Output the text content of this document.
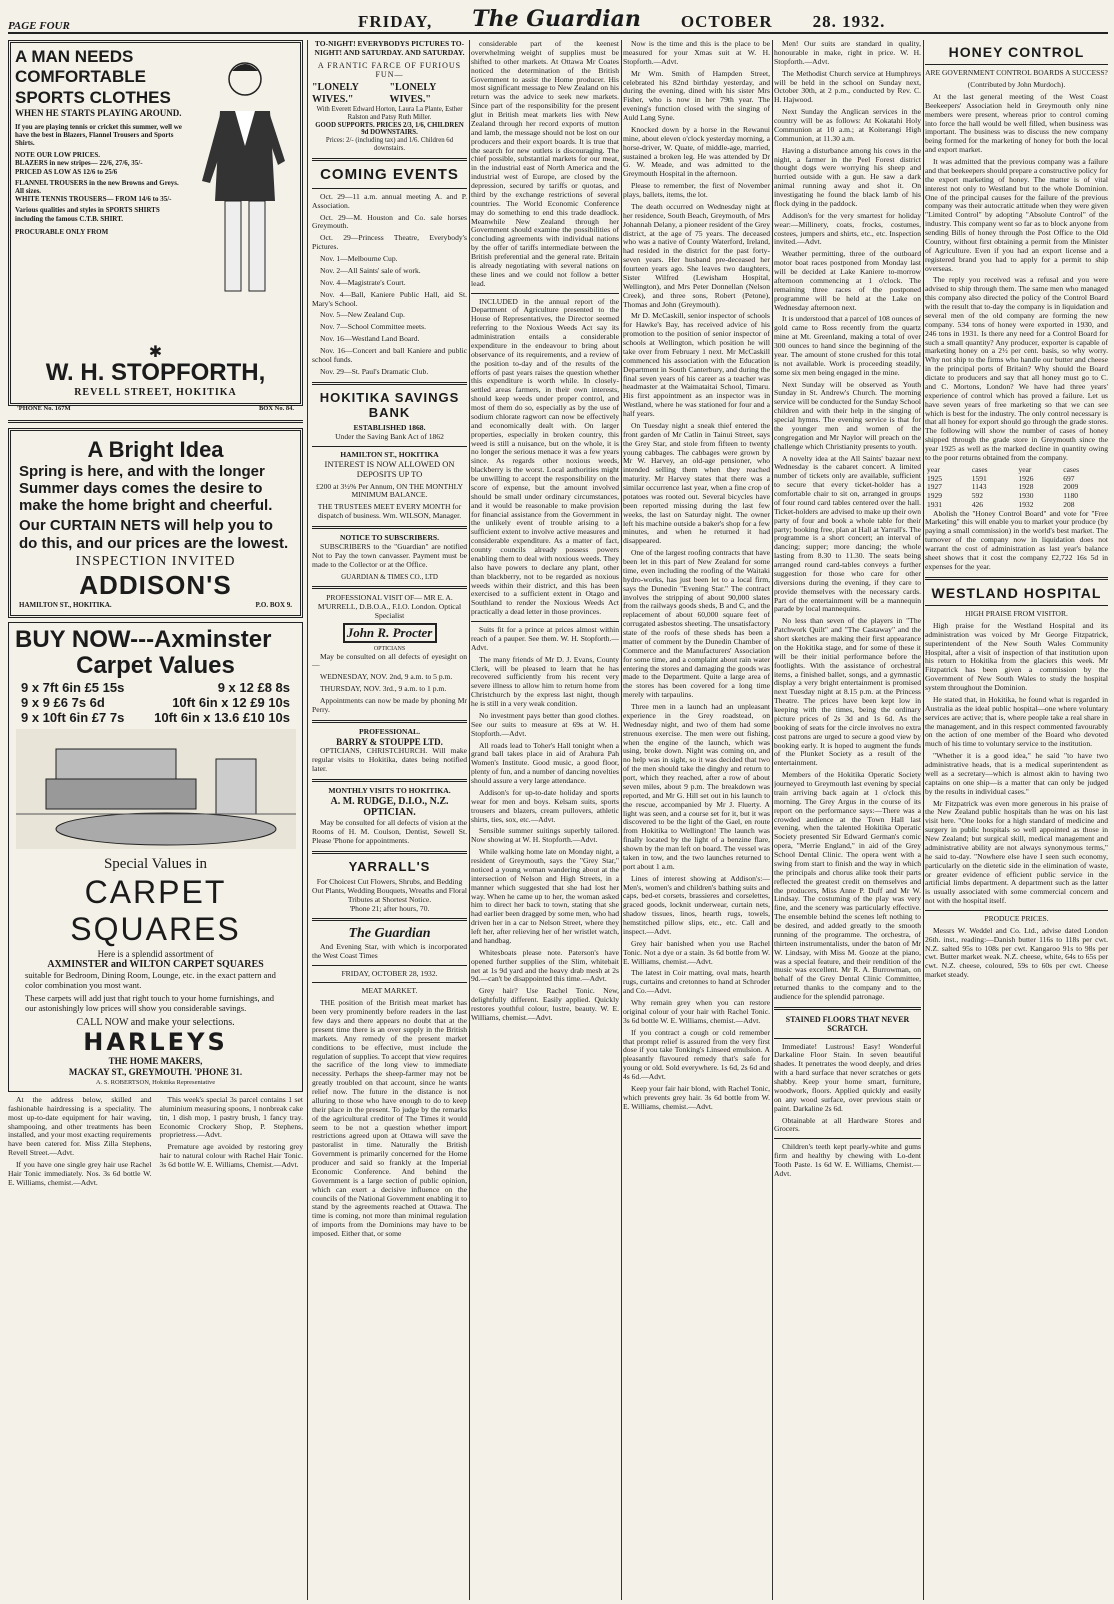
PAGE FOUR	FRIDAY, The Guardian OCTOBER 28. 1932.
A MAN NEEDS COMFORTABLE SPORTS CLOTHES
WHEN HE STARTS PLAYING AROUND.
If you are playing tennis or cricket this summer, well we have the best in Blazers, Flannel Trousers and Sports Shirts.
NOTE OUR LOW PRICES.
BLAZERS in new stripes— 22/6, 27/6, 35/-
PRICED AS LOW AS 12/6 to 25/6
FLANNEL TROUSERS in the new Browns and Greys. All sizes.
WHITE TENNIS TROUSERS— FROM 14/6 to 35/-
Various qualities and styles in SPORTS SHIRTS including the famous C.T.B. SHIRT.
PROCURABLE ONLY FROM
✱
W. H. STOPFORTH,
REVELL STREET, HOKITIKA
'PHONE No. 167M	BOX No. 84.
A Bright Idea
Spring is here, and with the longer Summer days comes the desire to make the home bright and cheerful.
Our CURTAIN NETS will help you to do this, and our prices are the lowest.
INSPECTION INVITED
ADDISON'S
HAMILTON ST., HOKITIKA.	P.O. BOX 9.
BUY NOW---Axminster
Carpet Values
9 x 7ft 6in £5 15s	9 x 12 £8 8s
9 x 9 £6 7s 6d	10ft 6in x 12 £9 10s
9 x 10ft 6in £7 7s 10ft 6in x 13.6 £10 10s
Special Values in
CARPET SQUARES
Here is a splendid assortment of
AXMINSTER and WILTON CARPET SQUARES
suitable for Bedroom, Dining Room, Lounge, etc. in the exact pattern and color combination you most want.
These carpets will add just that right touch to your home furnishings, and our astonishingly low prices will show you considerable savings.
CALL NOW and make your selections.
HARLEYS
THE HOME MAKERS,
MACKAY ST., GREYMOUTH. 'PHONE 31.
A. S. ROBERTSON, Hokitika Representative

At the address below, skilled and fashionable hairdressing is a speciality. The most up-to-date equipment for hair waving, shampooing, and other treatments has been installed, and your most exacting requirements have been catered for. Miss Zilla Stephens, Revell Street.—Advt.

If you have one single grey hair use Rachel Hair Tonic immediately. Nos. 3s 6d bottle W. E. Williams, chemist.—Advt.

This week's special 3s parcel contains 1 set aluminium measuring spoons, 1 nonbreak cake tin, 1 dish mop, 1 pastry brush, 1 fancy tray. Economic Crockery Shop, P. Stephens, proprietress.—Advt.

Premature age avoided by restoring grey hair to natural colour with Rachel Hair Tonic. 3s 6d bottle W. E. Williams, Chemist.—Advt.

TO-NIGHT! EVERYBODYS PICTURES TO-NIGHT! AND SATURDAY. AND SATURDAY.
A FRANTIC FARCE OF FURIOUS FUN—
"LONELY WIVES."
"LONELY WIVES."
With Everett Edward Horton, Laura La Plante, Esther Ralston and Patsy Ruth Miller.
GOOD SUPPORTS. PRICES 2/3, 1/6, CHILDREN 9d DOWNSTAIRS.
Prices: 2/- (including tax) and 1/6. Children 6d downstairs.
COMING EVENTS

Oct. 29—11 a.m. annual meeting A. and P. Association.

Oct. 29—M. Houston and Co. sale horses Greymouth.

Oct. 29—Princess Theatre, Everybody's Pictures.

Nov. 1—Melbourne Cup.

Nov. 2—All Saints' sale of work.

Nov. 4—Magistrate's Court.

Nov. 4—Ball, Kaniere Public Hall, aid St. Mary's School.

Nov. 5—New Zealand Cup.

Nov. 7—School Committee meets.

Nov. 16—Westland Land Board.

Nov. 16—Concert and ball Kaniere and public school funds.

Nov. 29—St. Paul's Dramatic Club.

HOKITIKA SAVINGS BANK
ESTABLISHED 1868.
Under the Saving Bank Act of 1862
HAMILTON ST., HOKITIKA
INTEREST IS NOW ALLOWED ON DEPOSITS UP TO
£200 at 3½% Per Annum, ON THE MONTHLY MINIMUM BALANCE.
THE TRUSTEES MEET EVERY MONTH for dispatch of business. Wm. WILSON, Manager.
NOTICE TO SUBSCRIBERS.

SUBSCRIBERS to the "Guardian" are notified Not to Pay the town canvasser. Payment must be made to the Collector or at the Office.

GUARDIAN & TIMES CO., LTD
PROFESSIONAL VISIT OF— MR E. A. M'URRELL, D.B.O.A., F.I.O. London. Optical Specialist
John R. Procter
OPTICIANS

May be consulted on all defects of eyesight on—

WEDNESDAY, NOV. 2nd, 9 a.m. to 5 p.m.

THURSDAY, NOV. 3rd., 9 a.m. to 1 p.m.

Appointments can now be made by phoning Mr Perry.

PROFESSIONAL.
BARRY & STOUPPE LTD.

OPTICIANS, CHRISTCHURCH. Will make regular visits to Hokitika, dates being notified later.

MONTHLY VISITS TO HOKITIKA.
A. M. RUDGE, D.I.O., N.Z. OPTICIAN.

May be consulted for all defects of vision at the Rooms of H. M. Coulson, Dentist, Sewell St. Please 'Phone for appointments.

YARRALL'S
For Choicest Cut Flowers, Shrubs, and Bedding Out Plants, Wedding Bouquets, Wreaths and Floral Tributes at Shortest Notice.
'Phone 21; after hours, 70.
The Guardian

And Evening Star, with which is incorporated the West Coast Times

FRIDAY, OCTOBER 28, 1932.
MEAT MARKET.

THE position of the British meat market has been very prominently before readers in the last few days and there appears no doubt that at the present time there is an over supply in the British markets. Any remedy of the present market conditions to be effective, must include the regulation of supplies. To accept that view requires the sacrifice of the long view to immediate necessity. Perhaps the sheep-farmer may not be greatly troubled on that account, since he wants relief now. The future in the distance is not alluring to those who have enough to do to keep their place in the present. To judge by the remarks of the agricultural creditor of The Times it would seem to be not a question whether import restrictions agreed upon at Ottawa will save the pastoralist in time. Naturally the British Government is primarily concerned for the Home producer and said so frankly at the Imperial Economic Conference. And behind the Government is a large section of public opinion, which can exert a decisive influence on the councils of the National Government enabling it to stand by the agreements reached at Ottawa. The time is coming, not more than minimal regulation of imports from the Dominions may have to be imposed. Either that, or some

considerable part of the keenest overwhelming weight of supplies must be shifted to other markets. At Ottawa Mr Coates noticed the determination of the British Government to assist the Home producer. His most significant message to New Zealand on his return was the advice to seek new markets. Since part of the responsibility for the present glut in British meat markets lies with New Zealand through her record exports of mutton and lamb, the message should not be lost on our producers and their export boards. It is true that the search for new outlets is discouraging. The chief possible, substantial markets for our meat, in the industrial east of North America and the industrial west of Europe, are closed by the depression, secured by tariffs or quotas, and third by the exchange restrictions of several countries. The World Economic Conference may do something to end this trade deadlock. Meanwhile New Zealand through her Government should examine the possibilities of concluding agreements with individual nations by the offer of tariffs intermediate between the British preferential and the general rate. Britain is already negotiating with several nations on these lines and we could not follow a better lead.

INCLUDED in the annual report of the Department of Agriculture presented to the House of Representatives, the Director seemed referring to the Noxious Weeds Act say its administration entails a considerable expenditure in the endeavour to bring about observance of its requirements, and a review of the position to-day and of the results of the efforts of past years raises the question whether this expenditure is worth while. In closely-settled areas farmers, in their own interests, should keep weeds under proper control, and most of them do so, especially as by the use of sodium chlorate ragwort can now be effectively and economically dealt with. On larger properties, especially in broken country, this weed is still a nuisance, but on the whole, it is no longer the serious menace it was a few years since. As regards other noxious weeds, blackberry is the worst. Local authorities might be unwilling to accept the responsibility on the score of expense, but the amount involved should be small under ordinary circumstances, and it would be reasonable to make provision for financial assistance from the Government in the unlikely event of trouble arising to a sufficient extent to involve active measures and considerable expenditure. As a matter of fact, county councils already possess powers enabling them to deal with noxious weeds. They also have powers to declare any plant, other than blackberry, not to be regarded as noxious weeds within their district, and this has been exercised to a sufficient extent in Otago and Southland to render the Noxious Weeds Act practically a dead letter in those provinces.

Suits fit for a prince at prices almost within reach of a pauper. See them. W. H. Stopforth.—Advt.

The many friends of Mr D. J. Evans, County Clerk, will be pleased to learn that he has recovered sufficiently from his recent very severe illness to allow him to return home from Christchurch by the express last night, though he is still in a very weak condition.

No investment pays better than good clothes. See our suits to measure at 69s at W. H. Stopforth.—Advt.

All roads lead to Toher's Hall tonight when a grand ball takes place in aid of Arahura Pah Women's Institute. Good music, a good floor, plenty of fun, and a number of dancing novelties should assure a very large attendance.

Addison's for up-to-date holiday and sports wear for men and boys. Kelsam suits, sports trousers and blazers, cream pullovers, athletic shirts, ties, sox, etc.—Advt.

Sensible summer suitings superbly tailored. Now showing at W. H. Stopforth.—Advt.

While walking home late on Monday night, a resident of Greymouth, says the "Grey Star," noticed a young woman wandering about at the intersection of Nelson and High Streets, in a manner which suggested that she had lost her way. When he came up to her, the woman asked him to direct her back to town, stating that she had earlier been dragged by some men, who had driven her in a car to Nelson Street, where they left her, after relieving her of her wristlet watch, and handbag.

Whitesboats please note. Paterson's have opened further supplies of the Slim, whitebait net at 1s 9d yard and the heavy drab mesh at 2s 9d.—can't be disappointed this time.—Advt.

Grey hair? Use Rachel Tonic. New, delightfully different. Easily applied. Quickly restores youthful colour, lustre, beauty. W. E. Williams, chemist.—Advt.

Now is the time and this is the place to be measured for your Xmas suit at W. H. Stopforth.—Advt.

Mr Wm. Smith of Hampden Street, celebrated his 82nd birthday yesterday, and during the evening, dined with his sister Mrs Fisher, who is now in her 79th year. The evening's function closed with the singing of Auld Lang Syne.

Knocked down by a horse in the Rewanui mine, about eleven o'clock yesterday morning, a horse-driver, W. Quate, of middle-age, married, sustained a broken leg. He was attended by Dr G. W. Meade, and was admitted to the Greymouth Hospital in the afternoon.

Please to remember, the first of November plays, ballets, items, the lot.

The death occurred on Wednesday night at her residence, South Beach, Greymouth, of Mrs Johannah Delany, a pioneer resident of the Grey district, at the age of 75 years. The deceased who was a native of County Waterford, Ireland, had resided in the district for the past forty-seven years. Her husband pre-deceased her fourteen years ago. She leaves two daughters, Sister Wilfred (Lewisham Hospital, Wellington), and Mrs Peter Donnellan (Nelson Creek), and three sons, Robert (Petone), Thomas and John (Greymouth).

Mr D. McCaskill, senior inspector of schools for Hawke's Bay, has received advice of his promotion to the position of senior inspector of schools at Wellington, which position he will take over from February 1 next. Mr McCaskill commenced his association with the Education Department in South Canterbury, and during the final seven years of his career as a teacher was headmaster at the Waimataitai School, Timaru. His first appointment as an inspector was in Westland, where he was stationed for four and a half years.

On Tuesday night a sneak thief entered the front garden of Mr Catlin in Tainui Street, says the Grey Star, and stole from fifteen to twenty young cabbages. The cabbages were grown by Mr W. Harvey, an old-age pensioner, who intended selling them when they reached maturity. Mr Harvey states that there was a similar occurrence last year, when a fine crop of potatoes was rooted out. Several bicycles have been reported missing during the last few weeks, the last on Saturday night. The owner left his machine outside a baker's shop for a few minutes, and when he returned it had disappeared.

One of the largest roofing contracts that have been let in this part of New Zealand for some time, even including the roofing of the Waitaki hydro-works, has just been let to a local firm, says the Dunedin "Evening Star." The contract involves the stripping of about 90,000 slates from the railways goods sheds, B and C, and the replacement of about 60,000 square feet of corrugated asbestos sheeting. The unsatisfactory state of the roofs of these sheds has been a matter of comment by the Dunedin Chamber of Commerce and the Manufacturers' Association for some time, and a complaint about rain water entering the stores and damaging the goods was made to the Department. Quite a large area of the stores has been covered for a long time merely with tarpaulins.

Three men in a launch had an unpleasant experience in the Grey roadstead, on Wednesday night, and two of them had some strenuous exercise. The men were out fishing, when the engine of the launch, which was using, broke down. Night was coming on, and no help was in sight, so it was decided that two of the men should take the dinghy and return to port, which they reached, after a row of about seven miles, about 9 p.m. The breakdown was reported, and Mr G. Hill set out in his launch to the rescue, accompanied by Mr J. Fluerty. A light was seen, and a course set for it, but it was discovered to be the light of the Gael, en route from Hokitika to Wellington! The launch was finally located by the light of a benzine flare, shown by the man left on board. The vessel was taken in tow, and the two launches returned to port about 1 a.m.

Lines of interest showing at Addison's:—Men's, women's and children's bathing suits and caps, bed-et corsets, brassieres and corselettes, graced goods, locknit underwear, curtain nets, shadow tissues, linos, hearth rugs, towels, hemstitched pillow slips, etc., etc. Call and inspect.—Advt.

Grey hair banished when you use Rachel Tonic. Not a dye or a stain. 3s 6d bottle from W. E. Williams, chemist.—Advt.

The latest in Coir matting, oval mats, hearth rugs, curtains and cretonnes to hand at Schroder and Co.—Advt.

Why remain grey when you can restore original colour of your hair with Rachel Tonic. 3s 6d bottle W. E. Williams, chemist.—Advt.

If you contract a cough or cold remember that prompt relief is assured from the very first dose if you take Tonking's Linseed emulsion. A pleasantly flavoured remedy that's safe for young or old. Sold everywhere. 1s 6d, 2s 6d and 4s 6d.—Advt.

Keep your fair hair blond, with Rachel Tonic, which prevents grey hair. 3s 6d bottle from W. E. Williams, chemist.—Advt.

Men! Our suits are standard in quality, honourable in make, right in price. W. H. Stopforth.—Advt.

The Methodist Church service at Humphreys will be held in the school on Sunday next, October 30th, at 2 p.m., conducted by Rev. C. H. Hajwood.

Next Sunday the Anglican services in the country will be as follows: At Kokatahi Holy Communion at 10 a.m.; at Koiterangi High Communion, at 11.30 a.m.

Having a disturbance among his cows in the night, a farmer in the Peel Forest district thought dogs were worrying his sheep and hurried outside with a gun. He saw a dark animal running away and shot it. On investigating he found the black lamb of his flock dying in the paddock.

Addison's for the very smartest for holiday wear:—Millinery, coats, frocks, costumes, costees, jumpers and shirts, etc., etc. Inspection invited.—Advt.

Weather permitting, three of the outboard motor boat races postponed from Monday last will be decided at Lake Kaniere to-morrow afternoon commencing at 1 o'clock. The remaining three races of the postponed programme will be held at the Lake on Wednesday afternoon next.

It is understood that a parcel of 108 ounces of gold came to Ross recently from the quartz mine at Mt. Greenland, making a total of over 300 ounces to hand since the beginning of the year. The amount of stone crushed for this total is not available. Work is proceeding steadily, some six men being engaged in the mine.

Next Sunday will be observed as Youth Sunday in St. Andrew's Church. The morning service will be conducted for the Sunday School children and with their help in the singing of special hymns. The evening service is that for the younger men and women of the congregation and Mr Naylor will preach on the challenge which Christianity presents to youth.

A novelty idea at the All Saints' bazaar next Wednesday is the cabaret concert. A limited number of tickets only are available, sufficient to secure that every ticket-holder has a comfortable chair to sit on, arranged in groups of four round card tables centered over the hall. Ticket-holders are advised to make up their own party of four and book a whole table for their party; booking free, plan at Hall at Yarrall's. The programme is a short concert; an interval of dancing; supper; more dancing; the whole lasting from 8.30 to 11.30. The seats being arranged round card-tables conveys a further suggestion for those who care for other diversions during the evening, if they care to provide themselves with the necessary cards. Part of the entertainment will be a mannequin parade by local mannequins.

No less than seven of the players in "The Patchwork Quilt" and "The Castaway" and the short sketches are making their first appearance on the Hokitika stage, and for some of these it will be their initial performance before the footlights. With the assistance of orchestral items, a finished ballet, songs, and a gymnastic display a very bright entertainment is promised next Tuesday night at 8.15 p.m. at the Princess Theatre. The prices have been kept low in keeping with the times, being the ordinary picture prices of 2s 3d and 1s 6d. As the booking of seats for the circle involves no extra cost patrons are urged to secure a good view by booking early. It is hoped to augment the funds of the Plunket Society as a result of the entertainment.

Members of the Hokitika Operatic Society journeyed to Greymouth last evening by special train arriving back again at 1 o'clock this morning. The Grey Argus in the course of its report on the performance says:—There was a crowded audience at the Town Hall last evening, when the talented Hokitika Operatic Society presented Sir Edward German's comic opera, "Merrie England," in aid of the Grey School Dental Clinic. The opera went with a swing from start to finish and the way in which the principals and chorus alike took their parts reflected the greatest credit on themselves and the producers, Miss Anne P. Duff and Mr W. Lindsay. The costuming of the play was very fine, and the scenery was particularly effective. The ensemble behind the scenes left nothing to be desired, and added greatly to the smooth running of the programme. The orchestra, of thirteen instrumentalists, under the baton of Mr W. Lindsay, with Miss M. Gooze at the piano, was a special feature, and their rendition of the music was excellent. Mr R. A. Burrowman, on behalf of the Grey Dental Clinic Committee, returned thanks to the company and to the audience for the splendid patronage.

STAINED FLOORS THAT NEVER SCRATCH.

Immediate! Lustrous! Easy! Wonderful Darkaline Floor Stain. In seven beautiful shades. It penetrates the wood deeply, and dries with a hard surface that never scratches or gets shabby. Keep your home smart, furniture, woodwork, floors. Applied quickly and easily on any wood surface, over previous stain or paint. Darkaline 2s 6d.

Obtainable at all Hardware Stores and Grocers.

Children's teeth kept pearly-white and gums firm and healthy by chewing with Lo-dent Tooth Paste. 1s 6d W. E. Williams, Chemist.—Advt.

HONEY CONTROL
ARE GOVERNMENT CONTROL BOARDS A SUCCESS?
(Contributed by John Murdoch).

At the last general meeting of the West Coast Beekeepers' Association held in Greymouth only nine members were present, whereas prior to control coming into force the hall would be well filled, when business was important. The business was to discuss the new company being formed for the marketing of honey for both the local and export market.

It was admitted that the previous company was a failure and that beekeepers should prepare a constructive policy for the export marketing of honey. The matter is of vital interest not only to Westland but to the whole Dominion. One of the principal causes for the failure of the previous company was their autocratic attitude when they were given "Limited Control" by adopting "Absolute Control" of the industry. This company went so far as to block anyone from sending Bills of honey through the Post Office to the Old Country, without first obtaining a permit from the Minister of Agriculture. Even if you had an export license and a registered brand you had to apply for a permit to ship overseas.

The reply you received was a refusal and you were advised to ship through them. The same men who managed this company also directed the policy of the Control Board with the result that to-day the company is in liquidation and several men of the old company are forming the new company. 534 tons of honey were exported in 1930, and 246 tons in 1931. Is there any need for a Control Board for such a small quantity? Any producer, exporter is capable of marketing honey on a 2½ per cent. basis, so why worry. Why not ship to the firms who handle our butter and cheese in the principal ports of Britain? Why should the Board dictate to producers and say that all honey must go to C. and C. Mortons, London? We have had three years' experience of control which has proved a failure. Let us have seven years of free marketing so that we can see which is best for the industry. The only control necessary is that all honey for export should go through the grade stores. The following will show the number of cases of honey shipped through the grade store in Greymouth since the year 1925 as well as the marked decline in quantity owing to the poor returns obtained from the company.

year	cases	year	cases
1925	1591	1926	697
1927	1143	1928	2009
1929	592	1930	1180
1931	426	1932	208

Abolish the "Honey Control Board" and vote for "Free Marketing" this will enable you to market your produce (by paying a small commission) in the world's best market. The turnover of the company now in liquidation does not warrant the cost of administration as last year's balance sheet shows that it cost the company £2,722 16s 5d in expenses for the year.

WESTLAND HOSPITAL
HIGH PRAISE FROM VISITOR.

High praise for the Westland Hospital and its administration was voiced by Mr George Fitzpatrick, superintendent of the New South Wales Community Hospital, after a visit of inspection of that institution upon his return to Hokitika from the glaciers this week. Mr Fitzpatrick has been given a commission by the Government of New South Wales to study the hospital system throughout the Dominion.

He stated that, in Hokitika, he found what is regarded in Australia as the ideal public hospital—one where voluntary services are active; that is, where people take a real share in the management, and in this respect commented favourably on the action of one member of the Board who devoted much of his time to voluntary service to the institution.

"Whether it is a good idea," he said "to have two administrative heads, that is a medical superintendent as well as a secretary—which is almost akin to having two captains on one ship—is a matter that can only be judged by the results in individual cases."

Mr Fitzpatrick was even more generous in his praise of the New Zealand public hospitals than he was on his last visit here. "One looks for a high standard of medicine and surgery in public hospitals so well appointed as those in New Zealand; but surgical skill, medical management and administrative ability are not always synonymous terms," he said to-day. "Nowhere else have I seen such economy, particularly on the dietetic side in the elimination of waste, or greater evidence of efficient public service in the artificial limbs department. A department such as the latter is usually associated with some commercial concern and not with the hospital itself.

PRODUCE PRICES.

Messrs W. Weddel and Co. Ltd., advise dated London 26th. inst., reading:—Danish butter 116s to 118s per cwt. N.Z. salted 95s to 108s per cwt. Kangaroo 91s to 98s per cwt. Butter market weak. N.Z. cheese, white, 64s to 65s per cwt. N.Z. cheese, coloured, 59s to 60s per cwt. Cheese market steady.
